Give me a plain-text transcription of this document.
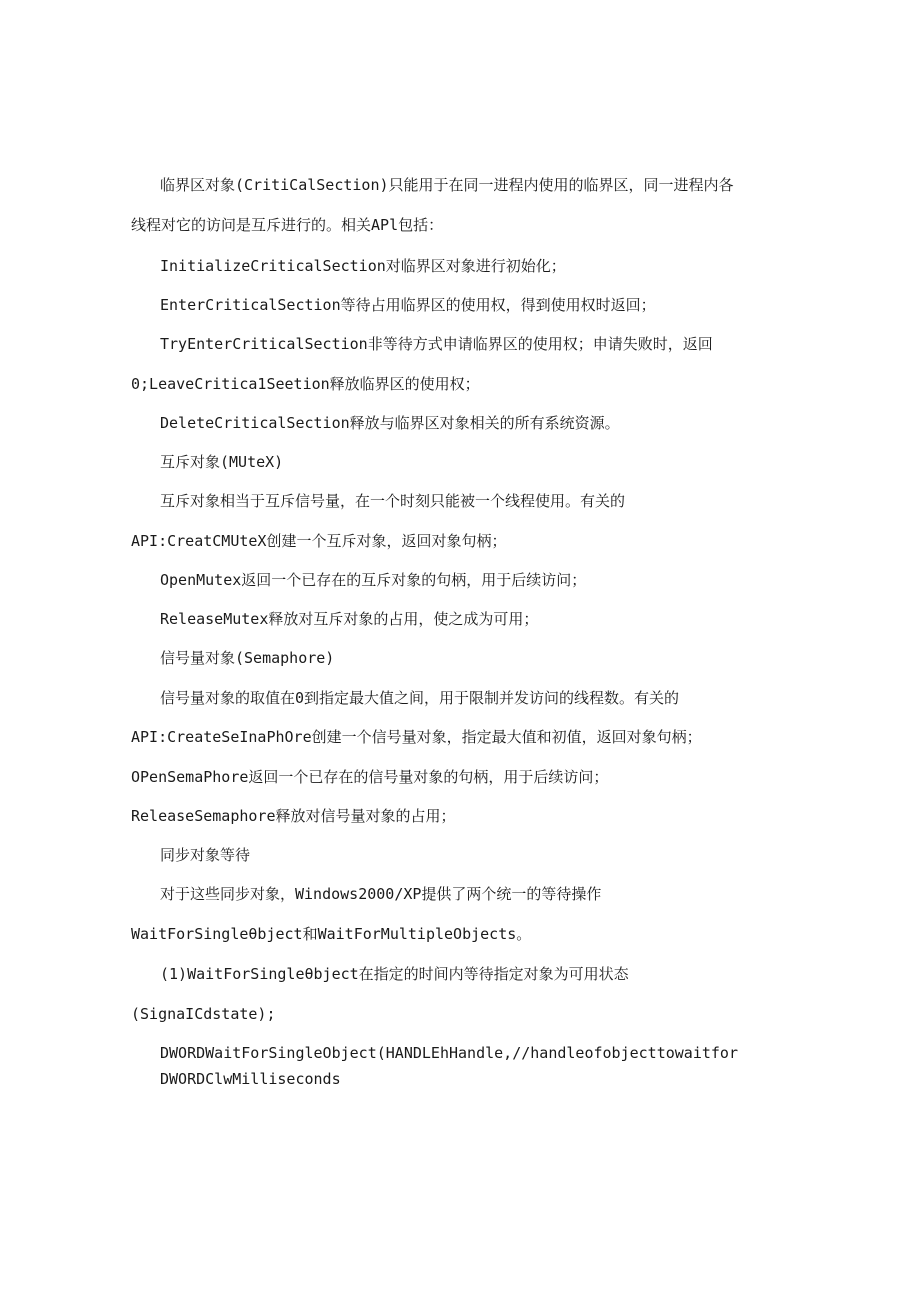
临界区对象(CritiCalSection)只能用于在同一进程内使用的临界区，同一进程内各
线程对它的访问是互斥进行的。相关APl包括：
InitializeCriticalSection对临界区对象进行初始化；
EnterCriticalSection等待占用临界区的使用权，得到使用权时返回；
TryEnterCriticalSection非等待方式申请临界区的使用权；申请失败时，返回
0;LeaveCritica1Seetion释放临界区的使用权；
DeleteCriticalSection释放与临界区对象相关的所有系统资源。
互斥对象(MUteX)
互斥对象相当于互斥信号量，在一个时刻只能被一个线程使用。有关的
API:CreatCMUteX创建一个互斥对象，返回对象句柄；
OpenMutex返回一个已存在的互斥对象的句柄，用于后续访问；
ReleaseMutex释放对互斥对象的占用，使之成为可用；
信号量对象(Semaphore)
信号量对象的取值在0到指定最大值之间，用于限制并发访问的线程数。有关的
API:CreateSeInaPhOre创建一个信号量对象，指定最大值和初值，返回对象句柄；
OPenSemaPhore返回一个已存在的信号量对象的句柄，用于后续访问；
ReleaseSemaphore释放对信号量对象的占用；
同步对象等待
对于这些同步对象，Windows2000/XP提供了两个统一的等待操作
WaitForSingleθbject和WaitForMultipleObjects。
(1)WaitForSingleθbject在指定的时间内等待指定对象为可用状态
(SignaICdstate);
DWORDWaitForSingleObject(HANDLEhHandle,//handleofobjecttowaitfor
DWORDClwMilliseconds
